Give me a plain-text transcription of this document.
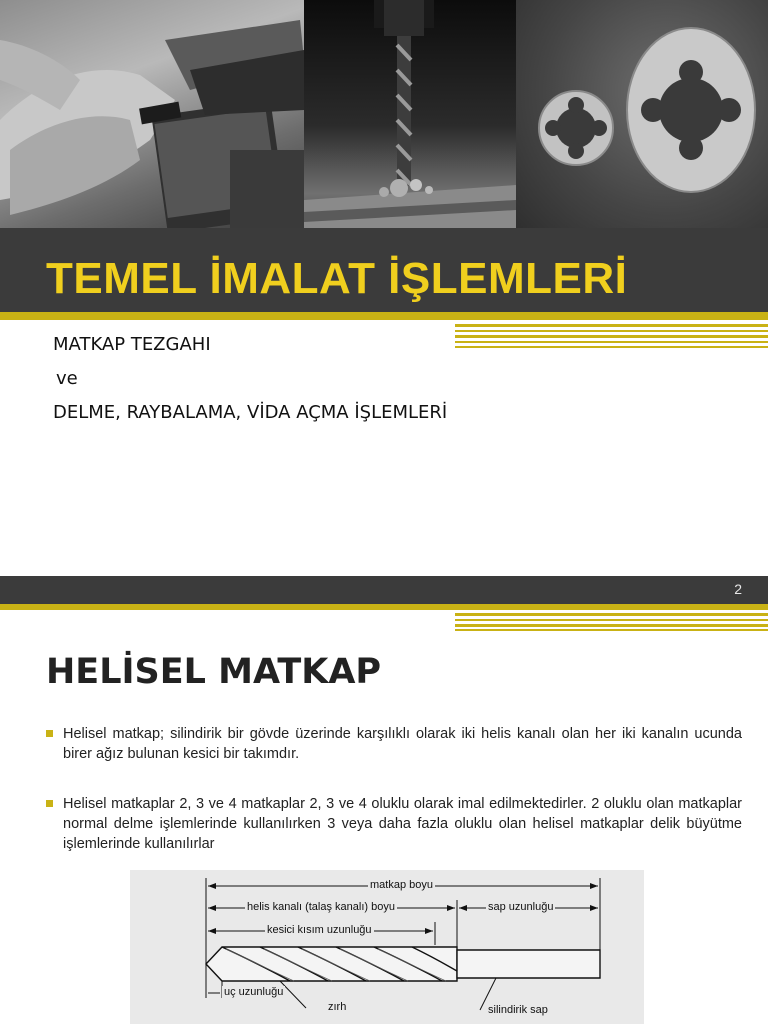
TEMEL İMALAT İŞLEMLERİ

MATKAP TEZGAHI

ve

DELME, RAYBALAMA, VİDA AÇMA İŞLEMLERİ

2

HELİSEL MATKAP
Helisel matkap; silindirik bir gövde üzerinde karşılıklı olarak iki helis kanalı olan her iki kanalın ucunda birer ağız bulunan kesici bir takımdır.
Helisel matkaplar 2, 3 ve 4 matkaplar 2, 3 ve 4 oluklu olarak imal edilmektedirler. 2 oluklu olan matkaplar normal delme işlemlerinde kullanılırken 3 veya daha fazla oluklu olan helisel matkaplar delik büyütme işlemlerinde kullanılırlar
matkap boyu
helis kanalı (talaş kanalı) boyu	sap uzunluğu
kesici kısım uzunluğu
uç uzunluğu
zırh	silindirik sap
